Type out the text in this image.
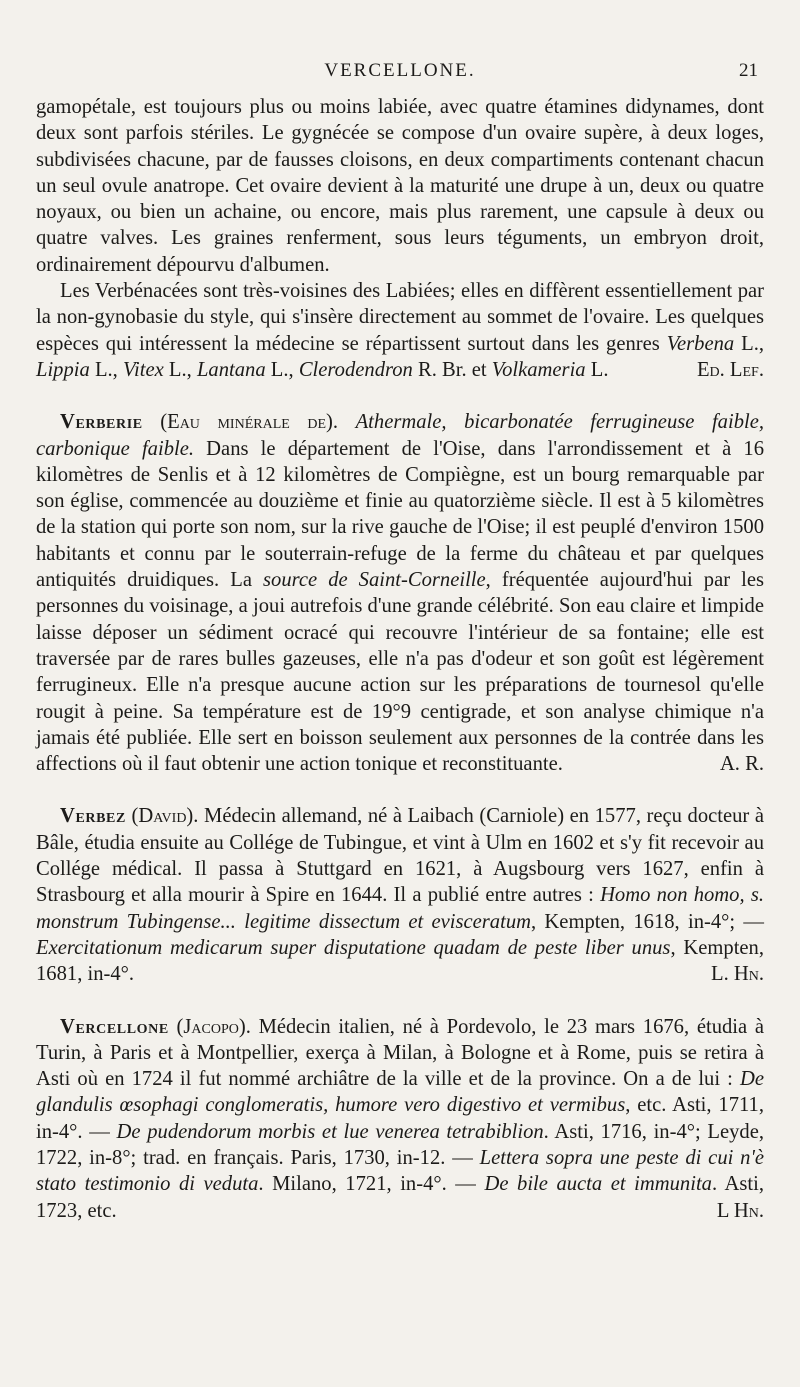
VERCELLONE.	21

gamopétale, est toujours plus ou moins labiée, avec quatre étamines didynames, dont deux sont parfois stériles. Le gygnécée se compose d'un ovaire supère, à deux loges, subdivisées chacune, par de fausses cloisons, en deux compartiments contenant chacun un seul ovule anatrope. Cet ovaire devient à la maturité une drupe à un, deux ou quatre noyaux, ou bien un achaine, ou encore, mais plus rarement, une capsule à deux ou quatre valves. Les graines renferment, sous leurs téguments, un embryon droit, ordinairement dépourvu d'albumen.

Les Verbénacées sont très-voisines des Labiées; elles en diffèrent essentiellement par la non-gynobasie du style, qui s'insère directement au sommet de l'ovaire. Les quelques espèces qui intéressent la médecine se répartissent surtout dans les genres Verbena L., Lippia L., Vitex L., Lantana L., Clerodendron R. Br. et Volkameria L.	Ed. Lef.

Verberie (Eau minérale de). Athermale, bicarbonatée ferrugineuse faible, carbonique faible. Dans le département de l'Oise, dans l'arrondissement et à 16 kilomètres de Senlis et à 12 kilomètres de Compiègne, est un bourg remarquable par son église, commencée au douzième et finie au quatorzième siècle. Il est à 5 kilomètres de la station qui porte son nom, sur la rive gauche de l'Oise; il est peuplé d'environ 1500 habitants et connu par le souterrain-refuge de la ferme du château et par quelques antiquités druidiques. La source de Saint-Corneille, fréquentée aujourd'hui par les personnes du voisinage, a joui autrefois d'une grande célébrité. Son eau claire et limpide laisse déposer un sédiment ocracé qui recouvre l'intérieur de sa fontaine; elle est traversée par de rares bulles gazeuses, elle n'a pas d'odeur et son goût est légèrement ferrugineux. Elle n'a presque aucune action sur les préparations de tournesol qu'elle rougit à peine. Sa température est de 19°9 centigrade, et son analyse chimique n'a jamais été publiée. Elle sert en boisson seulement aux personnes de la contrée dans les affections où il faut obtenir une action tonique et reconstituante.	A. R.

Verbez (David). Médecin allemand, né à Laibach (Carniole) en 1577, reçu docteur à Bâle, étudia ensuite au Collége de Tubingue, et vint à Ulm en 1602 et s'y fit recevoir au Collége médical. Il passa à Stuttgard en 1621, à Augsbourg vers 1627, enfin à Strasbourg et alla mourir à Spire en 1644. Il a publié entre autres : Homo non homo, s. monstrum Tubingense... legitime dissectum et evisceratum, Kempten, 1618, in-4°; — Exercitationum medicarum super disputatione quadam de peste liber unus, Kempten, 1681, in-4°.	L. Hn.

Vercellone (Jacopo). Médecin italien, né à Pordevolo, le 23 mars 1676, étudia à Turin, à Paris et à Montpellier, exerça à Milan, à Bologne et à Rome, puis se retira à Asti où en 1724 il fut nommé archiâtre de la ville et de la province. On a de lui : De glandulis œsophagi conglomeratis, humore vero digestivo et vermibus, etc. Asti, 1711, in-4°. — De pudendorum morbis et lue venerea tetrabiblion. Asti, 1716, in-4°; Leyde, 1722, in-8°; trad. en français. Paris, 1730, in-12. — Lettera sopra une peste di cui n'è stato testimonio di veduta. Milano, 1721, in-4°. — De bile aucta et immunita. Asti, 1723, etc.	L Hn.
